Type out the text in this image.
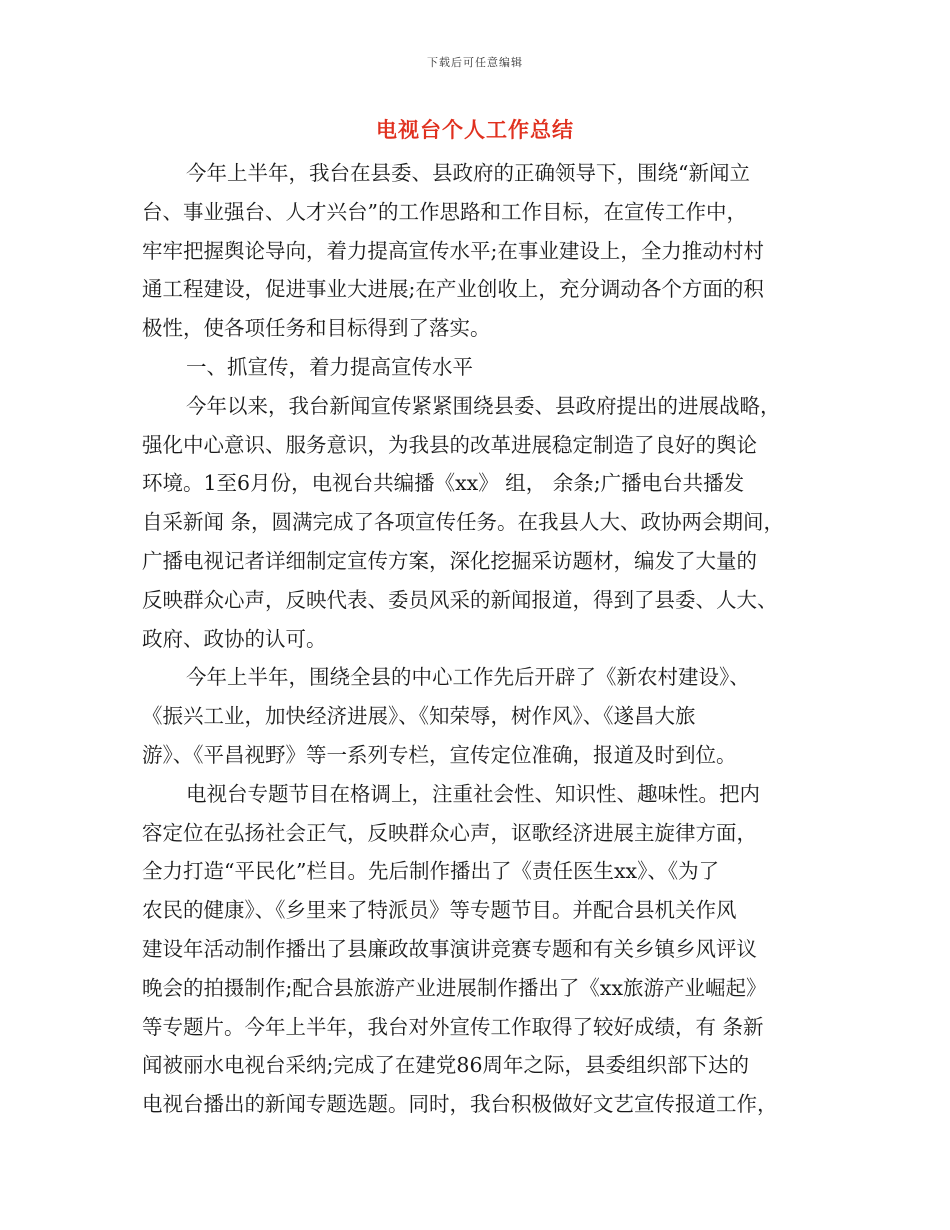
下载后可任意编辑
电视台个人工作总结
今年上半年，我台在县委、县政府的正确领导下，围绕“新闻立
台、事业强台、人才兴台”的工作思路和工作目标，在宣传工作中，
牢牢把握舆论导向，着力提高宣传水平;在事业建设上，全力推动村村
通工程建设，促进事业大进展;在产业创收上，充分调动各个方面的积
极性，使各项任务和目标得到了落实。
一、抓宣传，着力提高宣传水平
今年以来，我台新闻宣传紧紧围绕县委、县政府提出的进展战略，
强化中心意识、服务意识，为我县的改革进展稳定制造了良好的舆论
环境。1至6月份，电视台共编播《xx》 组， 余条;广播电台共播发
自采新闻 条，圆满完成了各项宣传任务。在我县人大、政协两会期间，
广播电视记者详细制定宣传方案，深化挖掘采访题材，编发了大量的
反映群众心声，反映代表、委员风采的新闻报道，得到了县委、人大、
政府、政协的认可。
今年上半年，围绕全县的中心工作先后开辟了《新农村建设》、
《振兴工业，加快经济进展》、《知荣辱，树作风》、《遂昌大旅
游》、《平昌视野》等一系列专栏，宣传定位准确，报道及时到位。
电视台专题节目在格调上，注重社会性、知识性、趣味性。把内
容定位在弘扬社会正气，反映群众心声，讴歌经济进展主旋律方面，
全力打造“平民化”栏目。先后制作播出了《责任医生xx》、《为了
农民的健康》、《乡里来了特派员》等专题节目。并配合县机关作风
建设年活动制作播出了县廉政故事演讲竞赛专题和有关乡镇乡风评议
晚会的拍摄制作;配合县旅游产业进展制作播出了《xx旅游产业崛起》
等专题片。今年上半年，我台对外宣传工作取得了较好成绩，有 条新
闻被丽水电视台采纳;完成了在建党86周年之际，县委组织部下达的
电视台播出的新闻专题选题。同时，我台积极做好文艺宣传报道工作，
